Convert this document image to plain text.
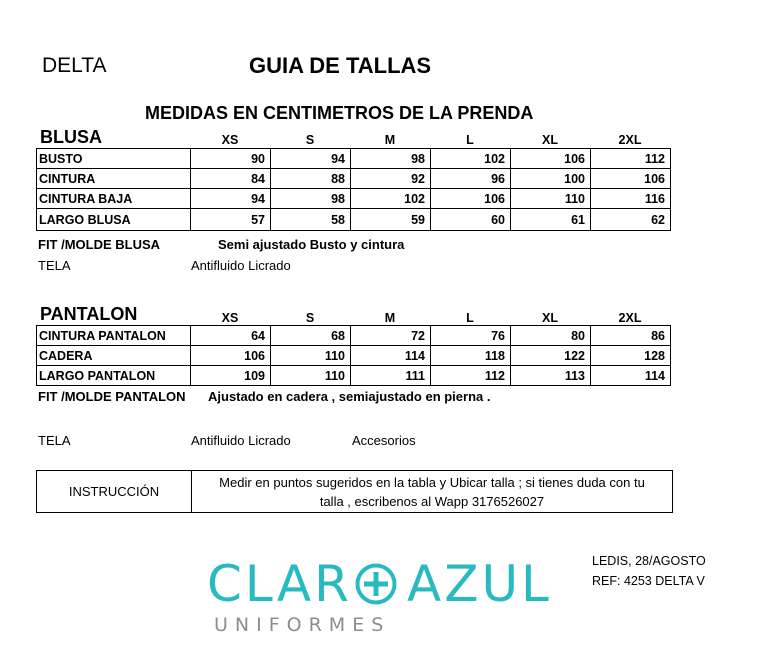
DELTA	GUIA DE TALLAS
MEDIDAS EN CENTIMETROS DE LA PRENDA
BLUSA	XS	S	M	L	XL	2XL
BUSTO	90	94	98	102	106	112
CINTURA	84	88	92	96	100	106
CINTURA BAJA	94	98	102	106	110	116
LARGO BLUSA	57	58	59	60	61	62
FIT /MOLDE BLUSA	Semi ajustado Busto y cintura
TELA	Antifluido Licrado
PANTALON	XS	S	M	L	XL	2XL
CINTURA PANTALON	64	68	72	76	80	86
CADERA	106	110	114	118	122	128
LARGO PANTALON	109	110	111	112	113	114
FIT /MOLDE PANTALON Ajustado en cadera , semiajustado en pierna .
TELA	Antifluido Licrado	Accesorios
INSTRUCCIÓN	
Medir en puntos sugeridos en la tabla y Ubicar talla ; si tienes duda con tu
talla , escribenos al Wapp 3176526027
LEDIS, 28/AGOSTO
REF: 4253 DELTA V
CLAR AZUL
UNIFORMES
